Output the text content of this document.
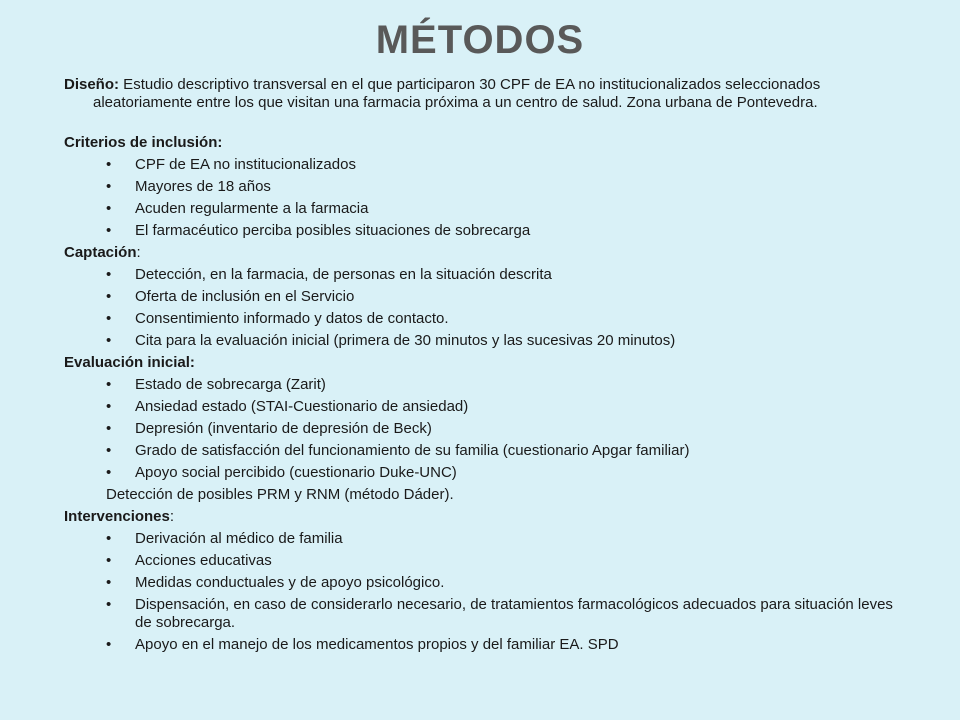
MÉTODOS

Diseño: Estudio descriptivo transversal en el que participaron 30 CPF de EA no institucionalizados seleccionados aleatoriamente entre los que visitan una farmacia próxima a un centro de salud. Zona urbana de Pontevedra.

Criterios de inclusión:
• CPF de EA no institucionalizados
• Mayores de 18 años
• Acuden regularmente a la farmacia
• El farmacéutico perciba posibles situaciones de sobrecarga
Captación:
• Detección, en la farmacia, de personas en la situación descrita
• Oferta de inclusión en el Servicio
• Consentimiento informado y datos de contacto.
• Cita para la evaluación inicial (primera de 30 minutos y las sucesivas 20 minutos)
Evaluación inicial:
• Estado de sobrecarga (Zarit)
• Ansiedad estado (STAI-Cuestionario de ansiedad)
• Depresión (inventario de depresión de Beck)
• Grado de satisfacción del funcionamiento de su familia (cuestionario Apgar familiar)
• Apoyo social percibido (cuestionario Duke-UNC)
Detección de posibles PRM y RNM (método Dáder).
Intervenciones:
• Derivación al médico de familia
• Acciones educativas
• Medidas conductuales y de apoyo psicológico.
• Dispensación, en caso de considerarlo necesario, de tratamientos farmacológicos adecuados para situación leves de sobrecarga.
• Apoyo en el manejo de los medicamentos propios y del familiar EA. SPD
